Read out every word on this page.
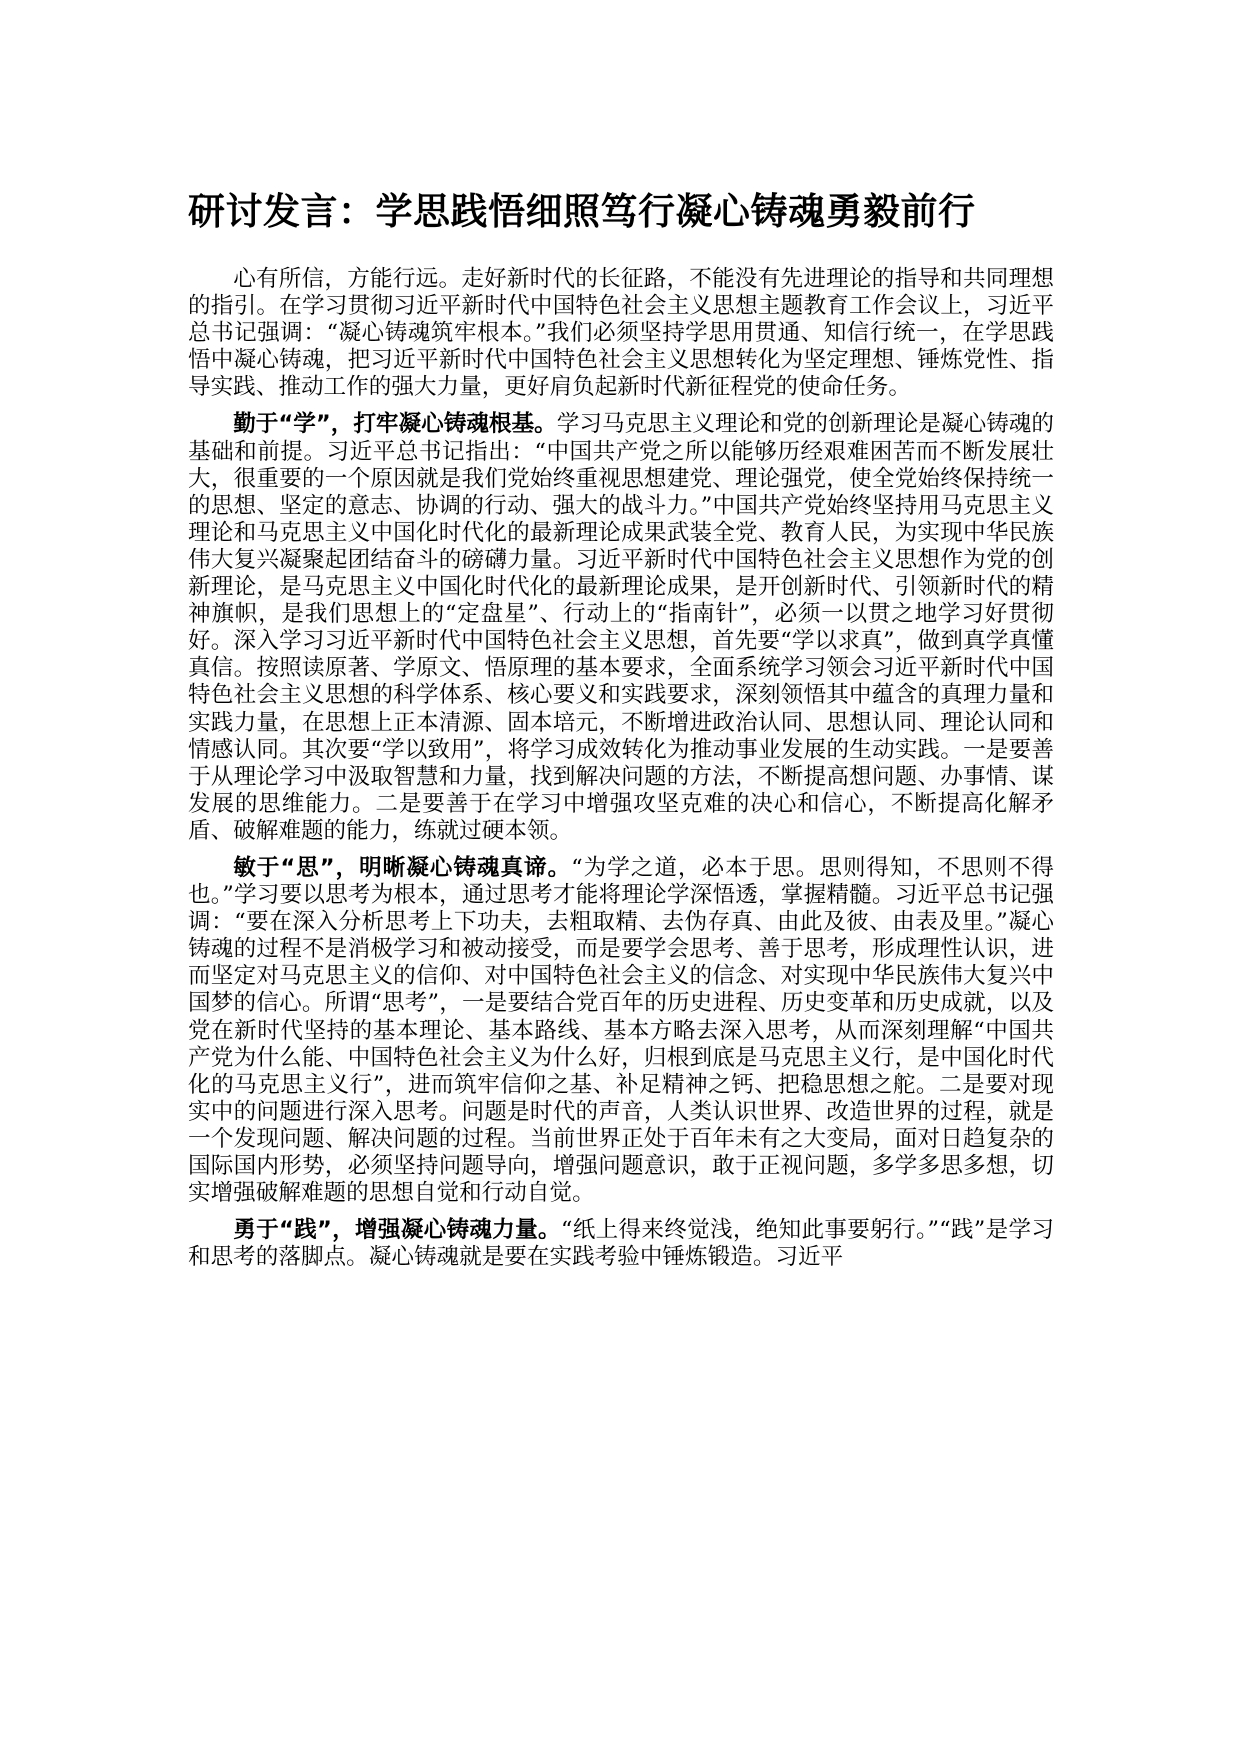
研讨发言：学思践悟细照笃行凝心铸魂勇毅前行

心有所信，方能行远。走好新时代的长征路，不能没有先进理论的指导和共同理想的指引。在学习贯彻习近平新时代中国特色社会主义思想主题教育工作会议上，习近平总书记强调：“凝心铸魂筑牢根本。”我们必须坚持学思用贯通、知信行统一，在学思践悟中凝心铸魂，把习近平新时代中国特色社会主义思想转化为坚定理想、锤炼党性、指导实践、推动工作的强大力量，更好肩负起新时代新征程党的使命任务。

勤于“学”，打牢凝心铸魂根基。学习马克思主义理论和党的创新理论是凝心铸魂的基础和前提。习近平总书记指出：“中国共产党之所以能够历经艰难困苦而不断发展壮大，很重要的一个原因就是我们党始终重视思想建党、理论强党，使全党始终保持统一的思想、坚定的意志、协调的行动、强大的战斗力。”中国共产党始终坚持用马克思主义理论和马克思主义中国化时代化的最新理论成果武装全党、教育人民，为实现中华民族伟大复兴凝聚起团结奋斗的磅礴力量。习近平新时代中国特色社会主义思想作为党的创新理论，是马克思主义中国化时代化的最新理论成果，是开创新时代、引领新时代的精神旗帜，是我们思想上的“定盘星”、行动上的“指南针”，必须一以贯之地学习好贯彻好。深入学习习近平新时代中国特色社会主义思想，首先要“学以求真”，做到真学真懂真信。按照读原著、学原文、悟原理的基本要求，全面系统学习领会习近平新时代中国特色社会主义思想的科学体系、核心要义和实践要求，深刻领悟其中蕴含的真理力量和实践力量，在思想上正本清源、固本培元，不断增进政治认同、思想认同、理论认同和情感认同。其次要“学以致用”，将学习成效转化为推动事业发展的生动实践。一是要善于从理论学习中汲取智慧和力量，找到解决问题的方法，不断提高想问题、办事情、谋发展的思维能力。二是要善于在学习中增强攻坚克难的决心和信心，不断提高化解矛盾、破解难题的能力，练就过硬本领。

敏于“思”，明晰凝心铸魂真谛。“为学之道，必本于思。思则得知，不思则不得也。”学习要以思考为根本，通过思考才能将理论学深悟透，掌握精髓。习近平总书记强调：“要在深入分析思考上下功夫，去粗取精、去伪存真、由此及彼、由表及里。”凝心铸魂的过程不是消极学习和被动接受，而是要学会思考、善于思考，形成理性认识，进而坚定对马克思主义的信仰、对中国特色社会主义的信念、对实现中华民族伟大复兴中国梦的信心。所谓“思考”，一是要结合党百年的历史进程、历史变革和历史成就，以及党在新时代坚持的基本理论、基本路线、基本方略去深入思考，从而深刻理解“中国共产党为什么能、中国特色社会主义为什么好，归根到底是马克思主义行，是中国化时代化的马克思主义行”，进而筑牢信仰之基、补足精神之钙、把稳思想之舵。二是要对现实中的问题进行深入思考。问题是时代的声音，人类认识世界、改造世界的过程，就是一个发现问题、解决问题的过程。当前世界正处于百年未有之大变局，面对日趋复杂的国际国内形势，必须坚持问题导向，增强问题意识，敢于正视问题，多学多思多想，切实增强破解难题的思想自觉和行动自觉。

勇于“践”，增强凝心铸魂力量。“纸上得来终觉浅，绝知此事要躬行。”“践”是学习和思考的落脚点。凝心铸魂就是要在实践考验中锤炼锻造。习近平
